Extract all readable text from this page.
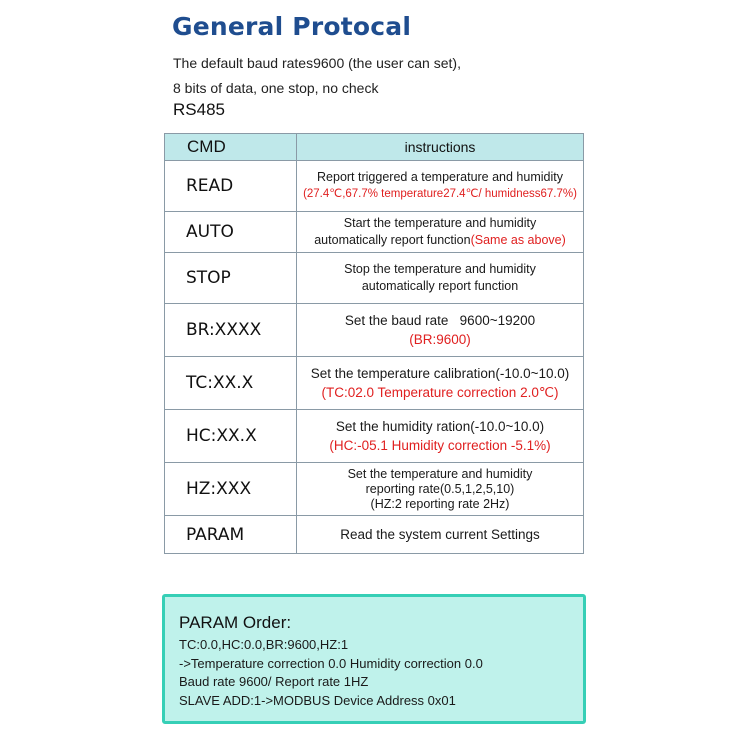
General Protocal
The default baud rates9600 (the user can set),
8 bits of data, one stop, no check
RS485
CMD	instructions
READ	Report triggered a temperature and humidity
(27.4℃,67.7% temperature27.4℃/ humidness67.7%)

AUTO	Start the temperature and humidity
automatically report function(Same as above)

STOP	Stop the temperature and humidity
automatically report function

BR:XXXX	Set the baud rate   9600~19200
(BR:9600)

TC:XX.X	Set the temperature calibration(-10.0~10.0)
(TC:02.0 Temperature correction 2.0℃)

HC:XX.X	Set the humidity ration(-10.0~10.0)
(HC:-05.1 Humidity correction -5.1%)

HZ:XXX	Set the temperature and humidity
reporting rate(0.5,1,2,5,10)
(HZ:2 reporting rate 2Hz)

PARAM	Read the system current Settings
PARAM Order:
TC:0.0,HC:0.0,BR:9600,HZ:1
->Temperature correction 0.0 Humidity correction 0.0
Baud rate 9600/ Report rate 1HZ
SLAVE ADD:1->MODBUS Device Address 0x01
